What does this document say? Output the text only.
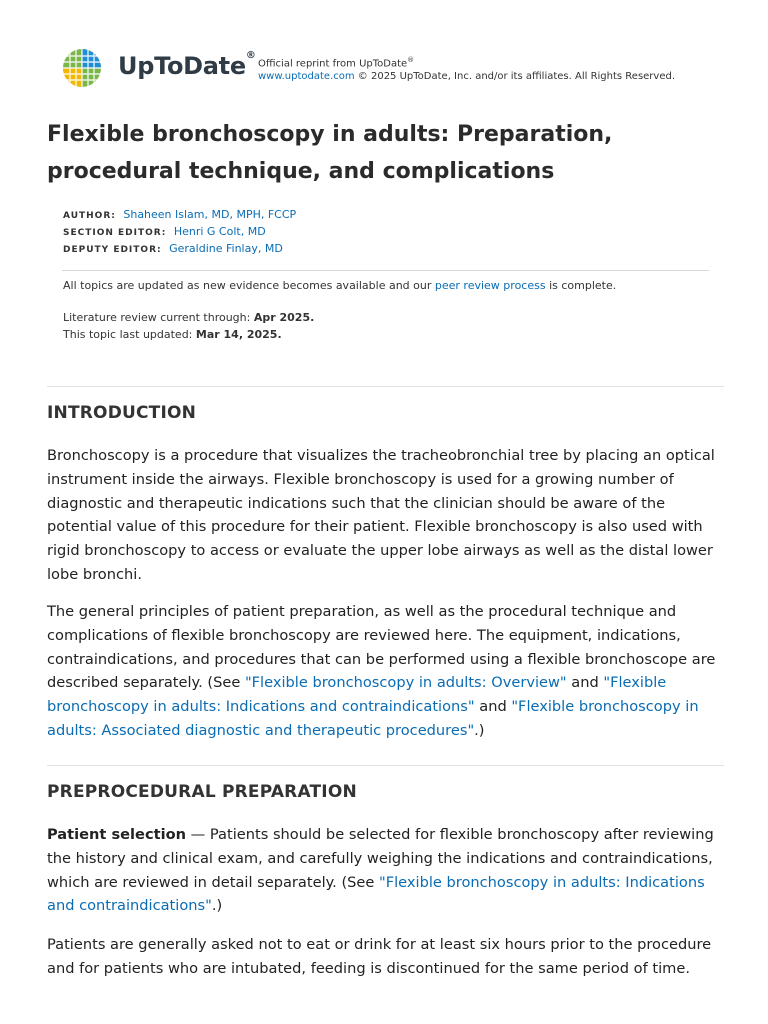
UpToDate®
Official reprint from UpToDate®
www.uptodate.com © 2025 UpToDate, Inc. and/or its affiliates. All Rights Reserved.
Flexible bronchoscopy in adults: Preparation, procedural technique, and complications
AUTHOR: Shaheen Islam, MD, MPH, FCCP
SECTION EDITOR: Henri G Colt, MD
DEPUTY EDITOR: Geraldine Finlay, MD
All topics are updated as new evidence becomes available and our peer review process is complete.
Literature review current through: Apr 2025.
This topic last updated: Mar 14, 2025.
INTRODUCTION

Bronchoscopy is a procedure that visualizes the tracheobronchial tree by placing an optical instrument inside the airways. Flexible bronchoscopy is used for a growing number of diagnostic and therapeutic indications such that the clinician should be aware of the potential value of this procedure for their patient. Flexible bronchoscopy is also used with rigid bronchoscopy to access or evaluate the upper lobe airways as well as the distal lower lobe bronchi.

The general principles of patient preparation, as well as the procedural technique and complications of flexible bronchoscopy are reviewed here. The equipment, indications, contraindications, and procedures that can be performed using a flexible bronchoscope are described separately. (See "Flexible bronchoscopy in adults: Overview" and "Flexible bronchoscopy in adults: Indications and contraindications" and "Flexible bronchoscopy in adults: Associated diagnostic and therapeutic procedures".)

PREPROCEDURAL PREPARATION

Patient selection — Patients should be selected for flexible bronchoscopy after reviewing the history and clinical exam, and carefully weighing the indications and contraindications, which are reviewed in detail separately. (See "Flexible bronchoscopy in adults: Indications and contraindications".)

Patients are generally asked not to eat or drink for at least six hours prior to the procedure and for patients who are intubated, feeding is discontinued for the same period of time.
